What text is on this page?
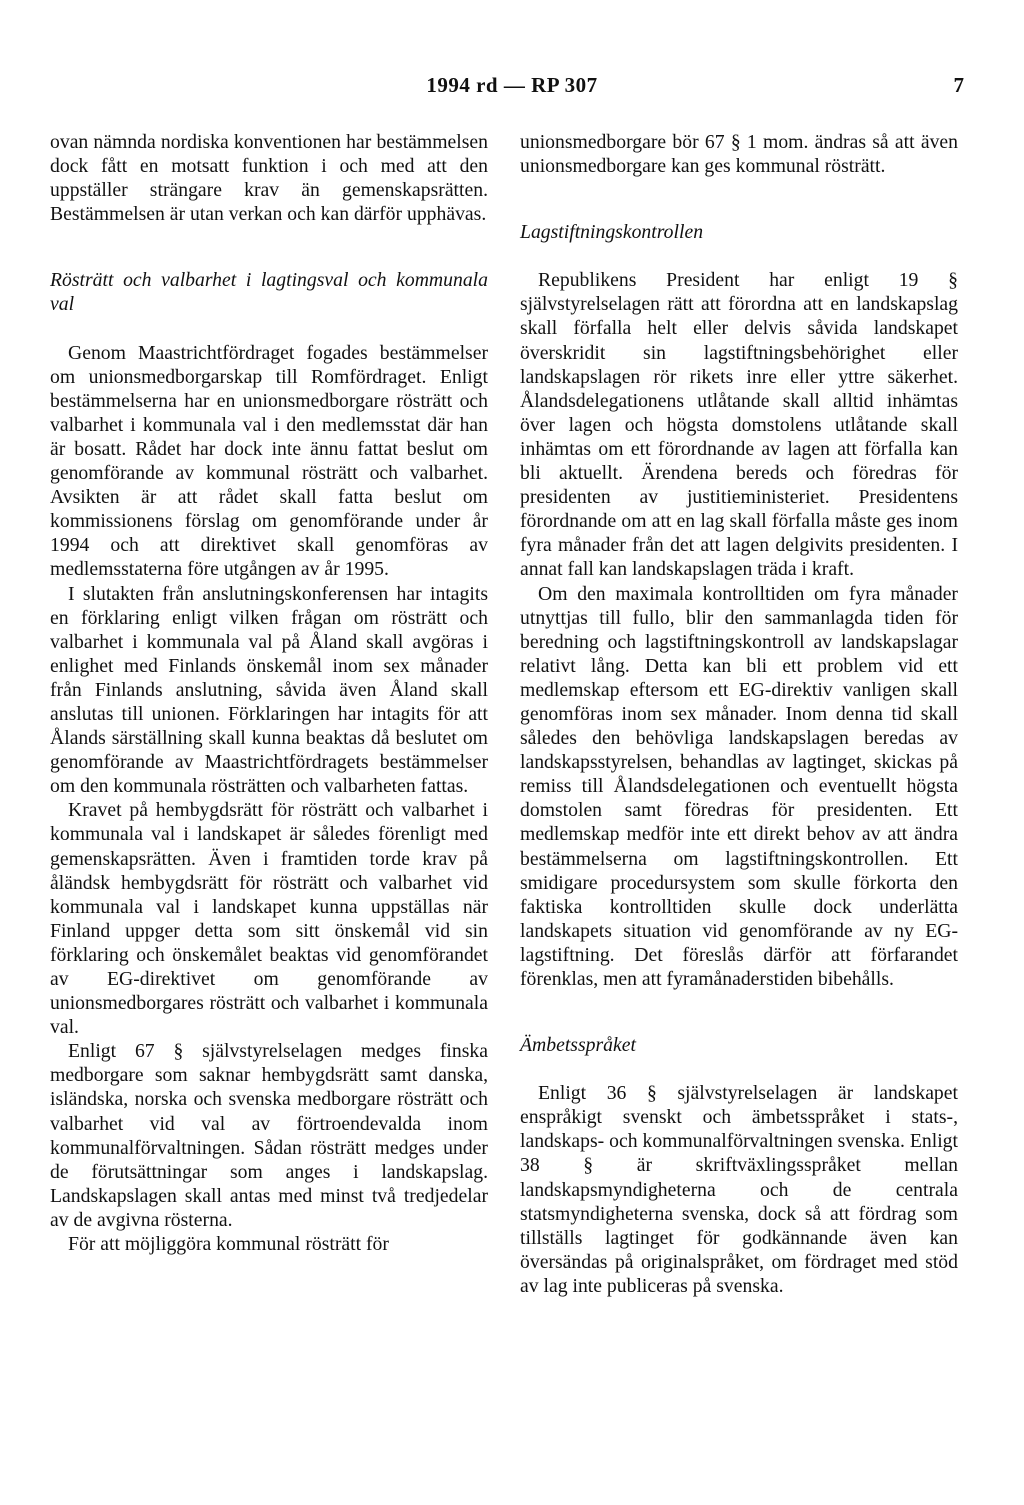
1994 rd — RP 307	7

ovan nämnda nordiska konventionen har bestämmelsen dock fått en motsatt funktion i och med att den uppställer strängare krav än gemenskapsrätten. Bestämmelsen är utan verkan och kan därför upphävas.

Rösträtt och valbarhet i lagtingsval och kommunala val

Genom Maastrichtfördraget fogades bestämmelser om unionsmedborgarskap till Romfördraget. Enligt bestämmelserna har en unionsmedborgare rösträtt och valbarhet i kommunala val i den medlemsstat där han är bosatt. Rådet har dock inte ännu fattat beslut om genomförande av kommunal rösträtt och valbarhet. Avsikten är att rådet skall fatta beslut om kommissionens förslag om genomförande under år 1994 och att direktivet skall genomföras av medlemsstaterna före utgången av år 1995.

I slutakten från anslutningskonferensen har intagits en förklaring enligt vilken frågan om rösträtt och valbarhet i kommunala val på Åland skall avgöras i enlighet med Finlands önskemål inom sex månader från Finlands anslutning, såvida även Åland skall anslutas till unionen. Förklaringen har intagits för att Ålands särställning skall kunna beaktas då beslutet om genomförande av Maastrichtfördragets bestämmelser om den kommunala rösträtten och valbarheten fattas.

Kravet på hembygdsrätt för rösträtt och valbarhet i kommunala val i landskapet är således förenligt med gemenskapsrätten. Även i framtiden torde krav på åländsk hembygdsrätt för rösträtt och valbarhet vid kommunala val i landskapet kunna uppställas när Finland uppger detta som sitt önskemål vid sin förklaring och önskemålet beaktas vid genomförandet av EG-direktivet om genomförande av unionsmedborgares rösträtt och valbarhet i kommunala val.

Enligt 67 § självstyrelselagen medges finska medborgare som saknar hembygdsrätt samt danska, isländska, norska och svenska medborgare rösträtt och valbarhet vid val av förtroendevalda inom kommunalförvaltningen. Sådan rösträtt medges under de förutsättningar som anges i landskapslag. Landskapslagen skall antas med minst två tredjedelar av de avgivna rösterna.

För att möjliggöra kommunal rösträtt för

unionsmedborgare bör 67 § 1 mom. ändras så att även unionsmedborgare kan ges kommunal rösträtt.

Lagstiftningskontrollen

Republikens President har enligt 19 § självstyrelselagen rätt att förordna att en landskapslag skall förfalla helt eller delvis såvida landskapet överskridit sin lagstiftningsbehörighet eller landskapslagen rör rikets inre eller yttre säkerhet. Ålandsdelegationens utlåtande skall alltid inhämtas över lagen och högsta domstolens utlåtande skall inhämtas om ett förordnande av lagen att förfalla kan bli aktuellt. Ärendena bereds och föredras för presidenten av justitieministeriet. Presidentens förordnande om att en lag skall förfalla måste ges inom fyra månader från det att lagen delgivits presidenten. I annat fall kan landskapslagen träda i kraft.

Om den maximala kontrolltiden om fyra månader utnyttjas till fullo, blir den sammanlagda tiden för beredning och lagstiftningskontroll av landskapslagar relativt lång. Detta kan bli ett problem vid ett medlemskap eftersom ett EG-direktiv vanligen skall genomföras inom sex månader. Inom denna tid skall således den behövliga landskapslagen beredas av landskapsstyrelsen, behandlas av lagtinget, skickas på remiss till Ålandsdelegationen och eventuellt högsta domstolen samt föredras för presidenten. Ett medlemskap medför inte ett direkt behov av att ändra bestämmelserna om lagstiftningskontrollen. Ett smidigare procedursystem som skulle förkorta den faktiska kontrolltiden skulle dock underlätta landskapets situation vid genomförande av ny EG-lagstiftning. Det föreslås därför att förfarandet förenklas, men att fyramånaderstiden bibehålls.

Ämbetsspråket

Enligt 36 § självstyrelselagen är landskapet enspråkigt svenskt och ämbetsspråket i stats-, landskaps- och kommunalförvaltningen svenska. Enligt 38 § är skriftväxlingsspråket mellan landskapsmyndigheterna och de centrala statsmyndigheterna svenska, dock så att fördrag som tillställs lagtinget för godkännande även kan översändas på originalspråket, om fördraget med stöd av lag inte publiceras på svenska.
